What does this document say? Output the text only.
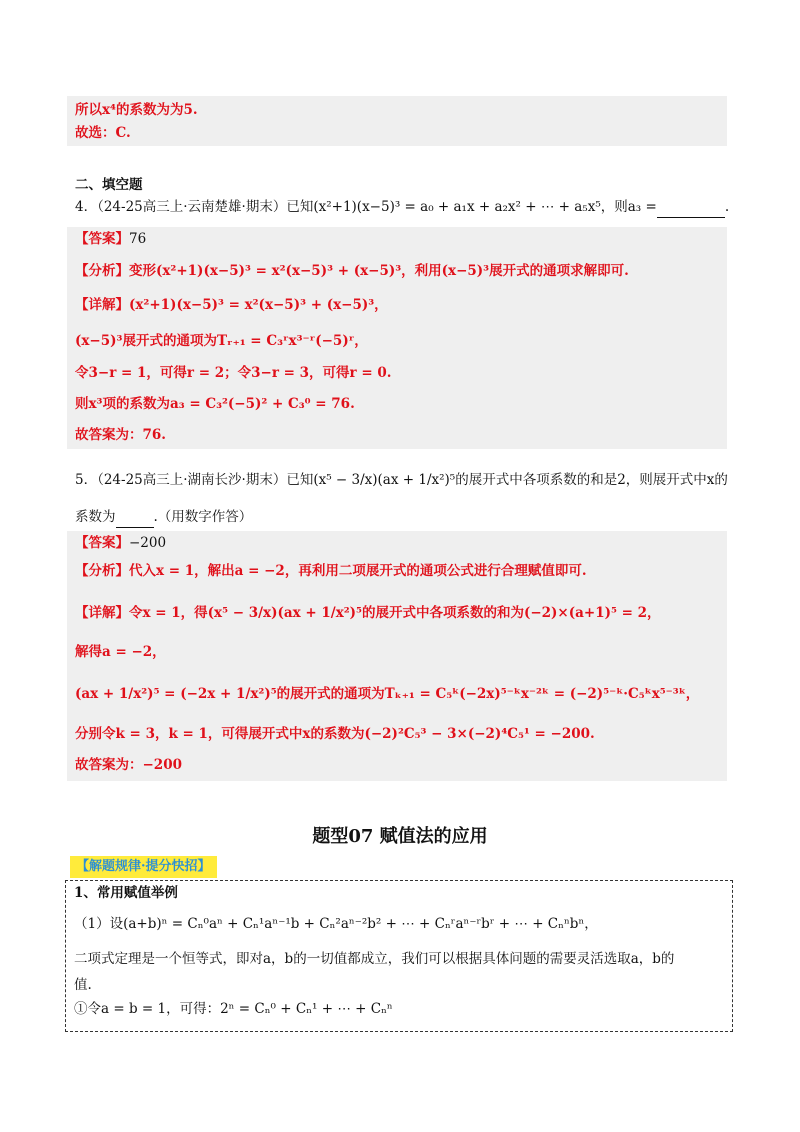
所以x⁴的系数为为5.
故选：C.
二、填空题
4．（24-25高三上·云南楚雄·期末）已知(x²+1)(x−5)³ = a₀ + a₁x + a₂x² + ⋯ + a₅x⁵，则a₃ =	.
【答案】76
【分析】变形(x²+1)(x−5)³ = x²(x−5)³ + (x−5)³，利用(x−5)³展开式的通项求解即可.
【详解】(x²+1)(x−5)³ = x²(x−5)³ + (x−5)³，
(x−5)³展开式的通项为Tᵣ₊₁ = C₃ʳx³⁻ʳ(−5)ʳ，
令3−r = 1，可得r = 2；令3−r = 3，可得r = 0.
则x³项的系数为a₃ = C₃²(−5)² + C₃⁰ = 76.
故答案为：76.
5．（24-25高三上·湖南长沙·期末）已知(x⁵ − 3/x)(ax + 1/x²)⁵的展开式中各项系数的和是2，则展开式中x的
系数为	.（用数字作答）
【答案】−200
【分析】代入x = 1，解出a = −2，再利用二项展开式的通项公式进行合理赋值即可.
【详解】令x = 1，得(x⁵ − 3/x)(ax + 1/x²)⁵的展开式中各项系数的和为(−2)×(a+1)⁵ = 2，
解得a = −2，
(ax + 1/x²)⁵ = (−2x + 1/x²)⁵的展开式的通项为Tₖ₊₁ = C₅ᵏ(−2x)⁵⁻ᵏx⁻²ᵏ = (−2)⁵⁻ᵏ·C₅ᵏx⁵⁻³ᵏ，
分别令k = 3，k = 1，可得展开式中x的系数为(−2)²C₅³ − 3×(−2)⁴C₅¹ = −200.
故答案为：−200
题型07 赋值法的应用
【解题规律·提分快招】
1、常用赋值举例
（1）设(a+b)ⁿ = Cₙ⁰aⁿ + Cₙ¹aⁿ⁻¹b + Cₙ²aⁿ⁻²b² + ⋯ + Cₙʳaⁿ⁻ʳbʳ + ⋯ + Cₙⁿbⁿ，
二项式定理是一个恒等式，即对a，b的一切值都成立，我们可以根据具体问题的需要灵活选取a，b的
值.
①令a = b = 1，可得：2ⁿ = Cₙ⁰ + Cₙ¹ + ⋯ + Cₙⁿ
